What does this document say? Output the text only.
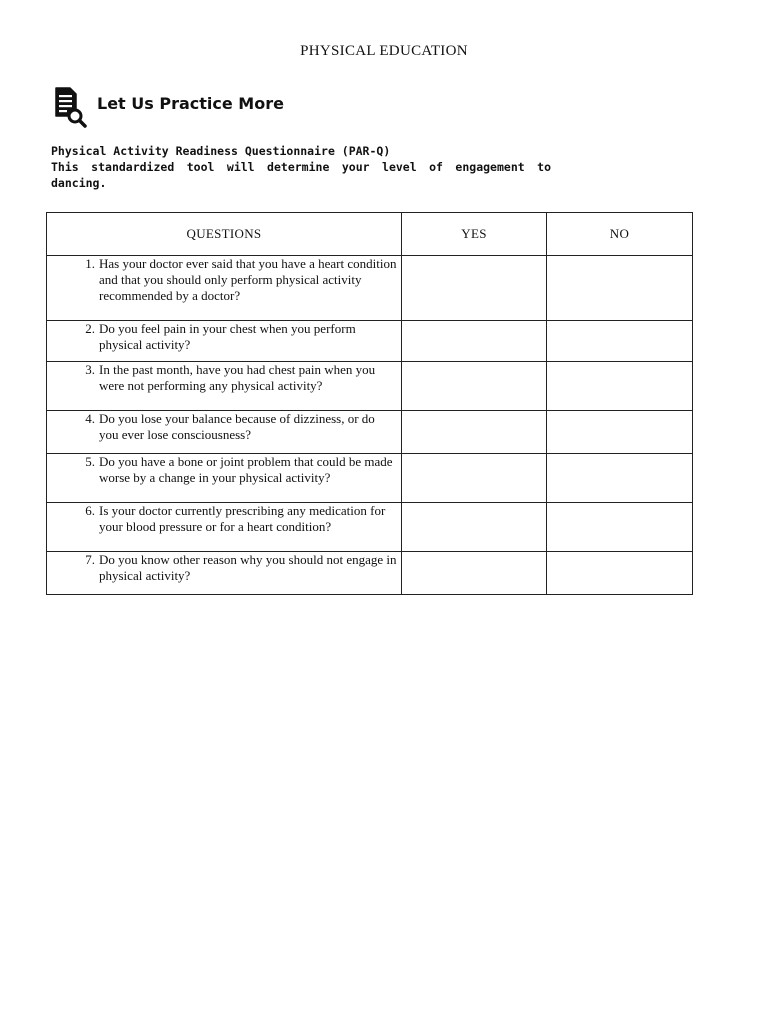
PHYSICAL EDUCATION
Let Us Practice More
Physical Activity Readiness Questionnaire (PAR-Q)
This standardized tool will determine your level of engagement to dancing.
QUESTIONS	YES	NO

1. Has your doctor ever said that you have a heart condition and that you should only perform physical activity recommended by a doctor?		

2. Do you feel pain in your chest when you perform physical activity?		

3. In the past month, have you had chest pain when you were not performing any physical activity?		

4. Do you lose your balance because of dizziness, or do you ever lose consciousness?		

5. Do you have a bone or joint problem that could be made worse by a change in your physical activity?		

6. Is your doctor currently prescribing any medication for your blood pressure or for a heart condition?		

7. Do you know other reason why you should not engage in physical activity?		
